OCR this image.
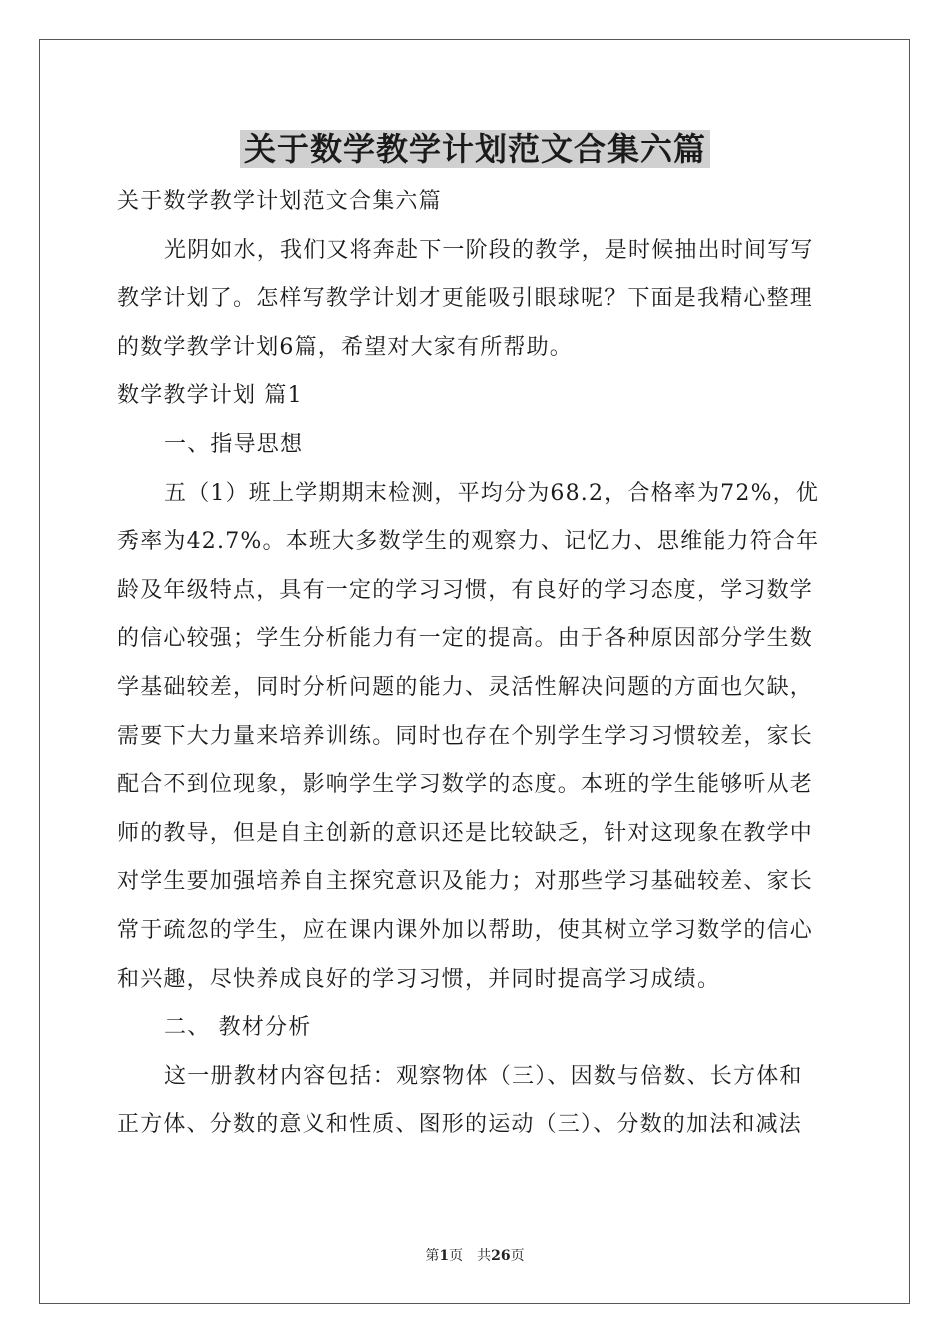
关于数学教学计划范文合集六篇
关于数学教学计划范文合集六篇
光阴如水，我们又将奔赴下一阶段的教学，是时候抽出时间写写
教学计划了。怎样写教学计划才更能吸引眼球呢？下面是我精心整理
的数学教学计划6篇，希望对大家有所帮助。
数学教学计划 篇1
一、指导思想
五（1）班上学期期末检测，平均分为68.2，合格率为72%，优
秀率为42.7%。本班大多数学生的观察力、记忆力、思维能力符合年
龄及年级特点，具有一定的学习习惯，有良好的学习态度，学习数学
的信心较强；学生分析能力有一定的提高。由于各种原因部分学生数
学基础较差，同时分析问题的能力、灵活性解决问题的方面也欠缺，
需要下大力量来培养训练。同时也存在个别学生学习习惯较差，家长
配合不到位现象，影响学生学习数学的态度。本班的学生能够听从老
师的教导，但是自主创新的意识还是比较缺乏，针对这现象在教学中
对学生要加强培养自主探究意识及能力；对那些学习基础较差、家长
常于疏忽的学生，应在课内课外加以帮助，使其树立学习数学的信心
和兴趣，尽快养成良好的学习习惯，并同时提高学习成绩。
二、 教材分析
这一册教材内容包括：观察物体（三）、因数与倍数、长方体和
正方体、分数的意义和性质、图形的运动（三）、分数的加法和减法
第1页　共26页
